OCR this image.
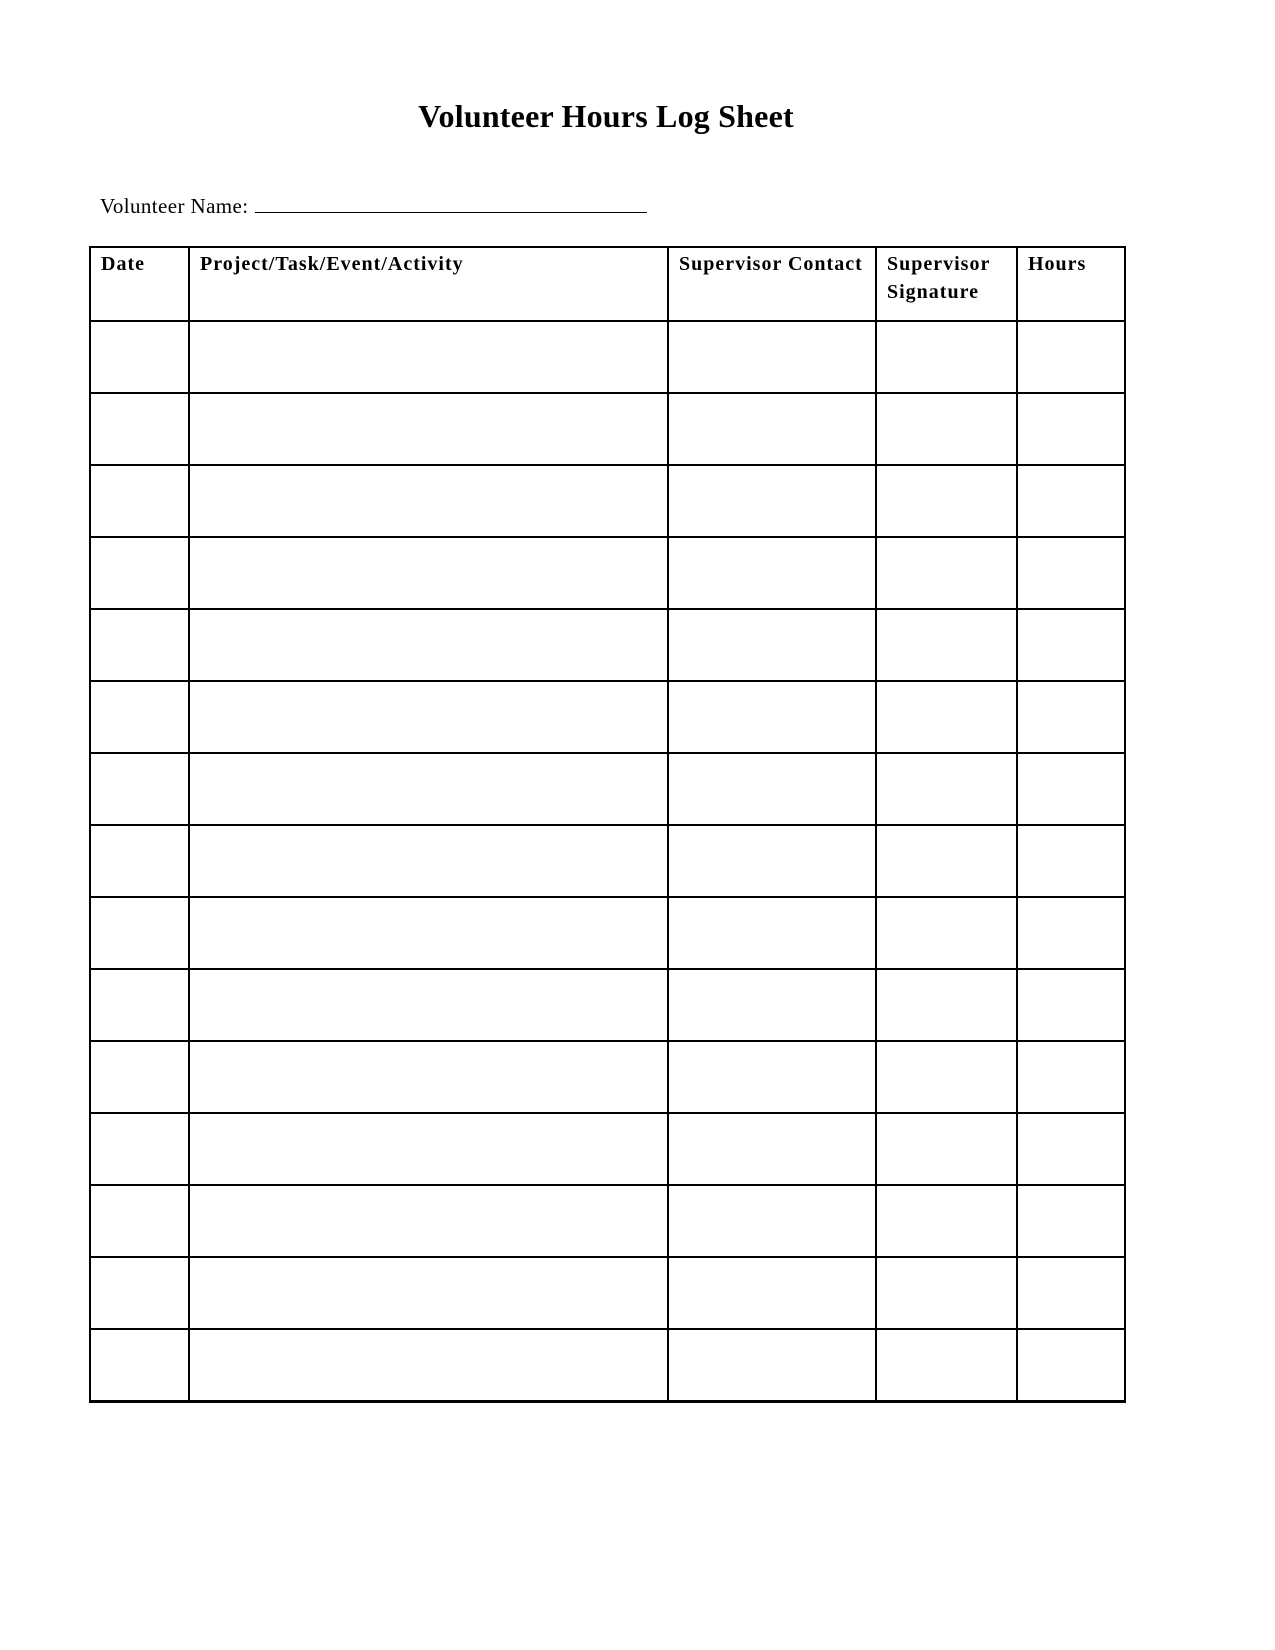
Volunteer Hours Log Sheet
Volunteer Name:
Date	Project/Task/Event/Activity	Supervisor Contact	Supervisor Signature	Hours
